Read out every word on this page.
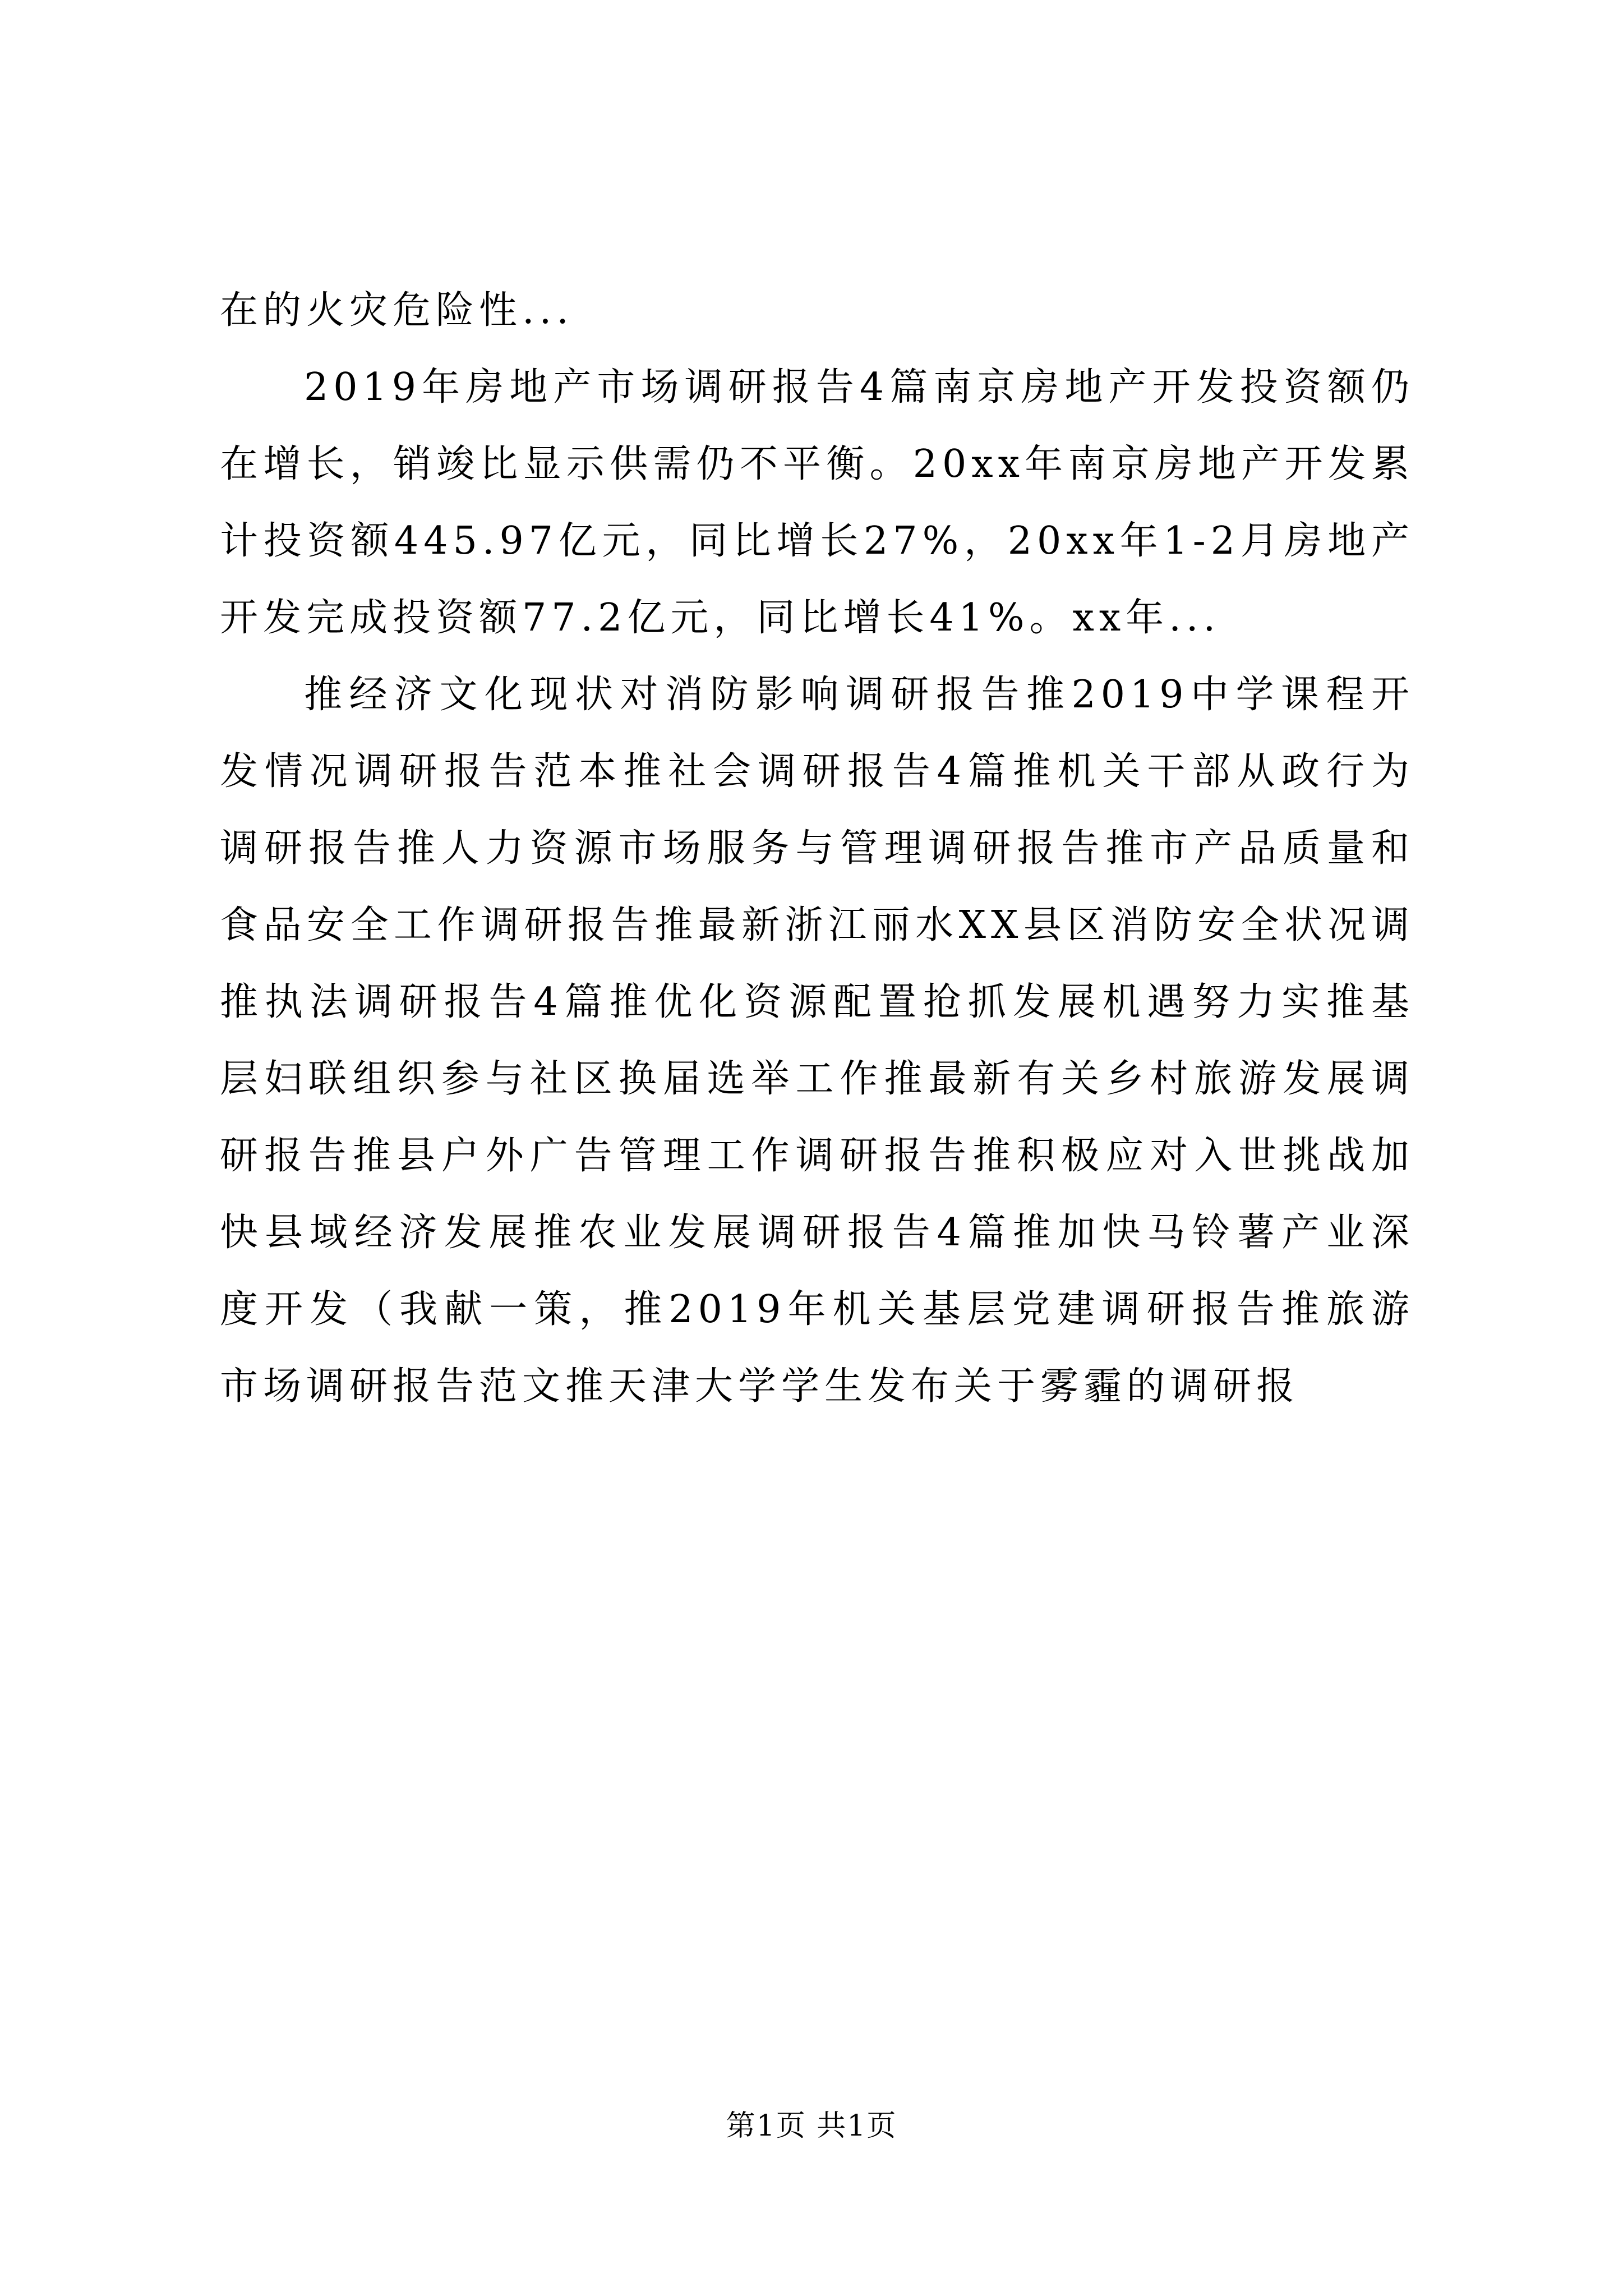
在的火灾危险性...

2019年房地产市场调研报告4篇南京房地产开发投资额仍在增长，销竣比显示供需仍不平衡。20xx年南京房地产开发累计投资额445.97亿元，同比增长27%，20xx年1-2月房地产开发完成投资额77.2亿元，同比增长41%。xx年...

推经济文化现状对消防影响调研报告推2019中学课程开发情况调研报告范本推社会调研报告4篇推机关干部从政行为调研报告推人力资源市场服务与管理调研报告推市产品质量和食品安全工作调研报告推最新浙江丽水XX县区消防安全状况调推执法调研报告4篇推优化资源配置抢抓发展机遇努力实推基层妇联组织参与社区换届选举工作推最新有关乡村旅游发展调研报告推县户外广告管理工作调研报告推积极应对入世挑战加快县域经济发展推农业发展调研报告4篇推加快马铃薯产业深度开发（我献一策，推2019年机关基层党建调研报告推旅游市场调研报告范文推天津大学学生发布关于雾霾的调研报

第1页 共1页
